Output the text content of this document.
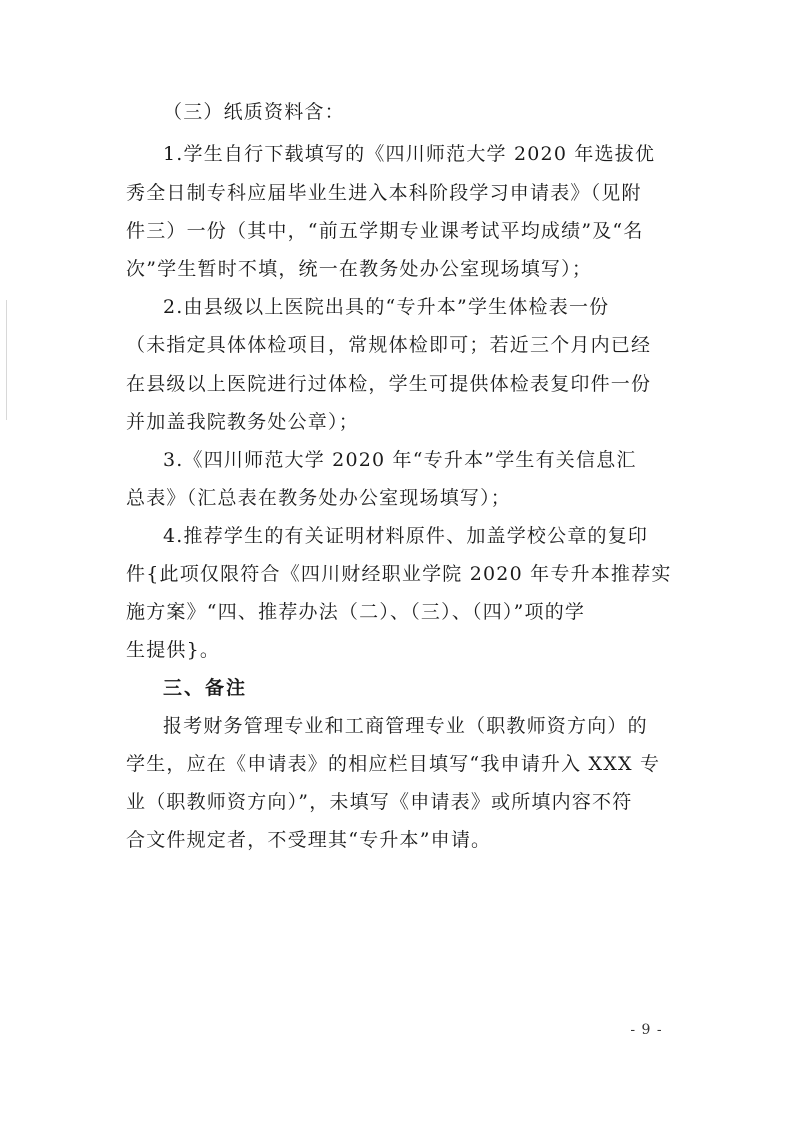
（三）纸质资料含：
1.学生自行下载填写的《四川师范大学 2020 年选拔优
秀全日制专科应届毕业生进入本科阶段学习申请表》（见附
件三）一份（其中，“前五学期专业课考试平均成绩”及“名
次”学生暂时不填，统一在教务处办公室现场填写）；
2.由县级以上医院出具的“专升本”学生体检表一份
（未指定具体体检项目，常规体检即可；若近三个月内已经
在县级以上医院进行过体检，学生可提供体检表复印件一份
并加盖我院教务处公章）；
3.《四川师范大学 2020 年“专升本”学生有关信息汇
总表》（汇总表在教务处办公室现场填写）；
4.推荐学生的有关证明材料原件、加盖学校公章的复印
件{此项仅限符合《四川财经职业学院 2020 年专升本推荐实
施方案》“四、推荐办法（二）、（三）、（四）”项的学
生提供}。
三、备注
报考财务管理专业和工商管理专业（职教师资方向）的
学生，应在《申请表》的相应栏目填写“我申请升入 XXX 专
业（职教师资方向）”，未填写《申请表》或所填内容不符
合文件规定者，不受理其“专升本”申请。
- 9 -
